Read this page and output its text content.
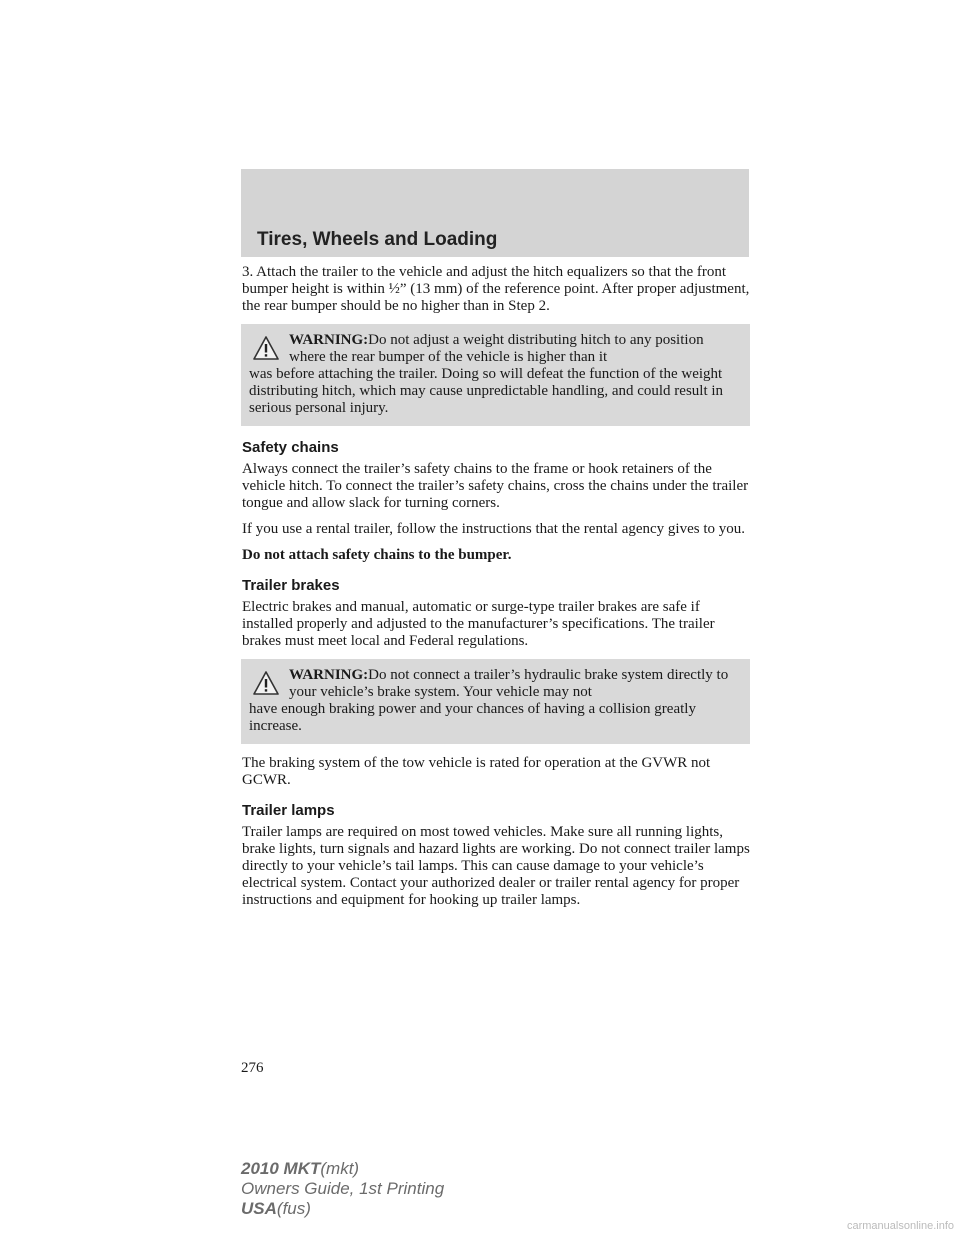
Tires, Wheels and Loading

3. Attach the trailer to the vehicle and adjust the hitch equalizers so that the front bumper height is within ½” (13 mm) of the reference point. After proper adjustment, the rear bumper should be no higher than in Step 2.

WARNING:Do not adjust a weight distributing hitch to any position where the rear bumper of the vehicle is higher than it
was before attaching the trailer. Doing so will defeat the function of the weight distributing hitch, which may cause unpredictable handling, and could result in serious personal injury.
Safety chains

Always connect the trailer’s safety chains to the frame or hook retainers of the vehicle hitch. To connect the trailer’s safety chains, cross the chains under the trailer tongue and allow slack for turning corners.

If you use a rental trailer, follow the instructions that the rental agency gives to you.

Do not attach safety chains to the bumper.

Trailer brakes

Electric brakes and manual, automatic or surge-type trailer brakes are safe if installed properly and adjusted to the manufacturer’s specifications. The trailer brakes must meet local and Federal regulations.

WARNING:Do not connect a trailer’s hydraulic brake system directly to your vehicle’s brake system. Your vehicle may not
have enough braking power and your chances of having a collision greatly increase.

The braking system of the tow vehicle is rated for operation at the GVWR not GCWR.

Trailer lamps

Trailer lamps are required on most towed vehicles. Make sure all running lights, brake lights, turn signals and hazard lights are working. Do not connect trailer lamps directly to your vehicle’s tail lamps. This can cause damage to your vehicle’s electrical system. Contact your authorized dealer or trailer rental agency for proper instructions and equipment for hooking up trailer lamps.

276
2010 MKT(mkt)
Owners Guide, 1st Printing
USA(fus)
carmanualsonline.info
